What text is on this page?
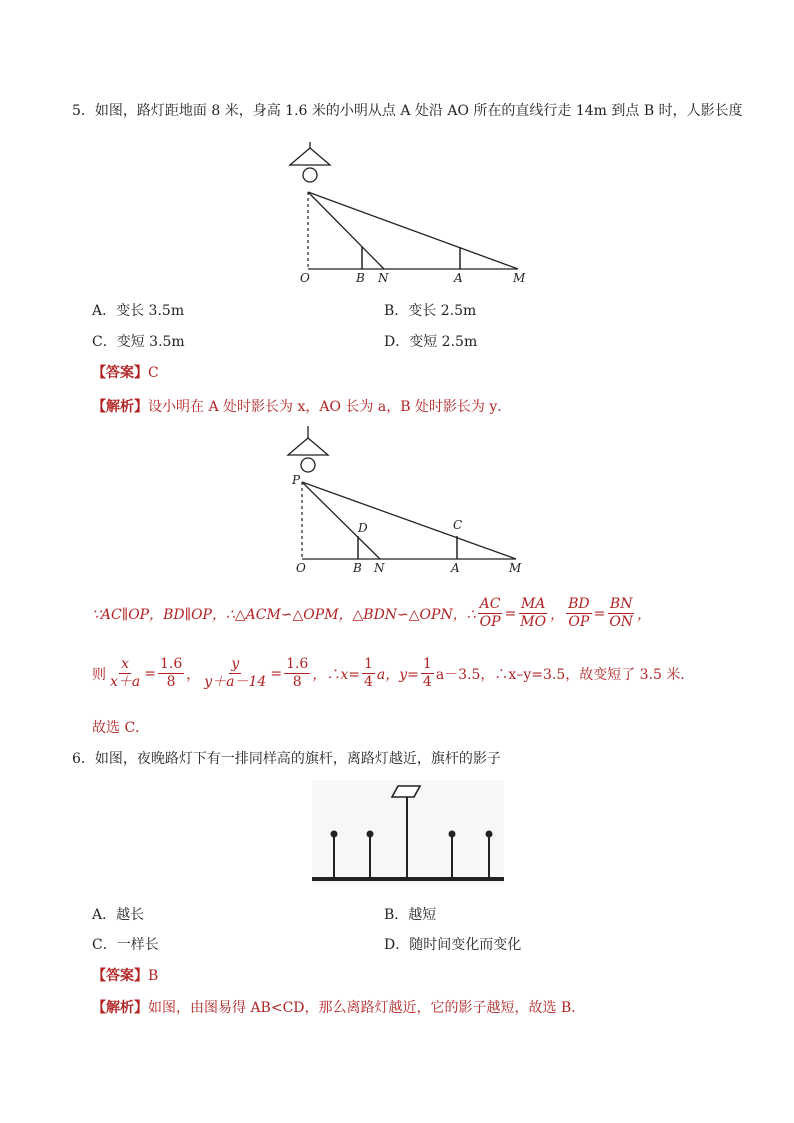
5．如图，路灯距地面 8 米，身高 1.6 米的小明从点 A 处沿 AO 所在的直线行走 14m 到点 B 时，人影长度
O	B N	A	M
A．变长 3.5m	B．变长 2.5m
C．变短 3.5m	D．变短 2.5m
【答案】C
【解析】设小明在 A 处时影长为 x，AO 长为 a，B 处时影长为 y．
P
D	C
O	B N	A	M
∵AC∥OP，BD∥OP，∴△ACM∽△OPM，△BDN∽△OPN，∴ $\frac{AC}{OP} = \frac{MA}{MO}$ ， $\frac{BD}{OP} = \frac{BN}{ON}$ ，
则 $\frac{x}{x+a} = \frac{1.6}{8}$ ， $\frac{y}{y+a-14} = \frac{1.6}{8}$ ，∴x= $\frac{1}{4}$ a，$y= \frac{1}{4} a-3.5$，∴x–y=3.5，故变短了 3.5 米．
故选 C．
6．如图，夜晚路灯下有一排同样高的旗杆，离路灯越近，旗杆的影子
A．越长	B．越短
C．一样长	D．随时间变化而变化
【答案】B
【解析】如图，由图易得 AB<CD，那么离路灯越近，它的影子越短，故选 B．
